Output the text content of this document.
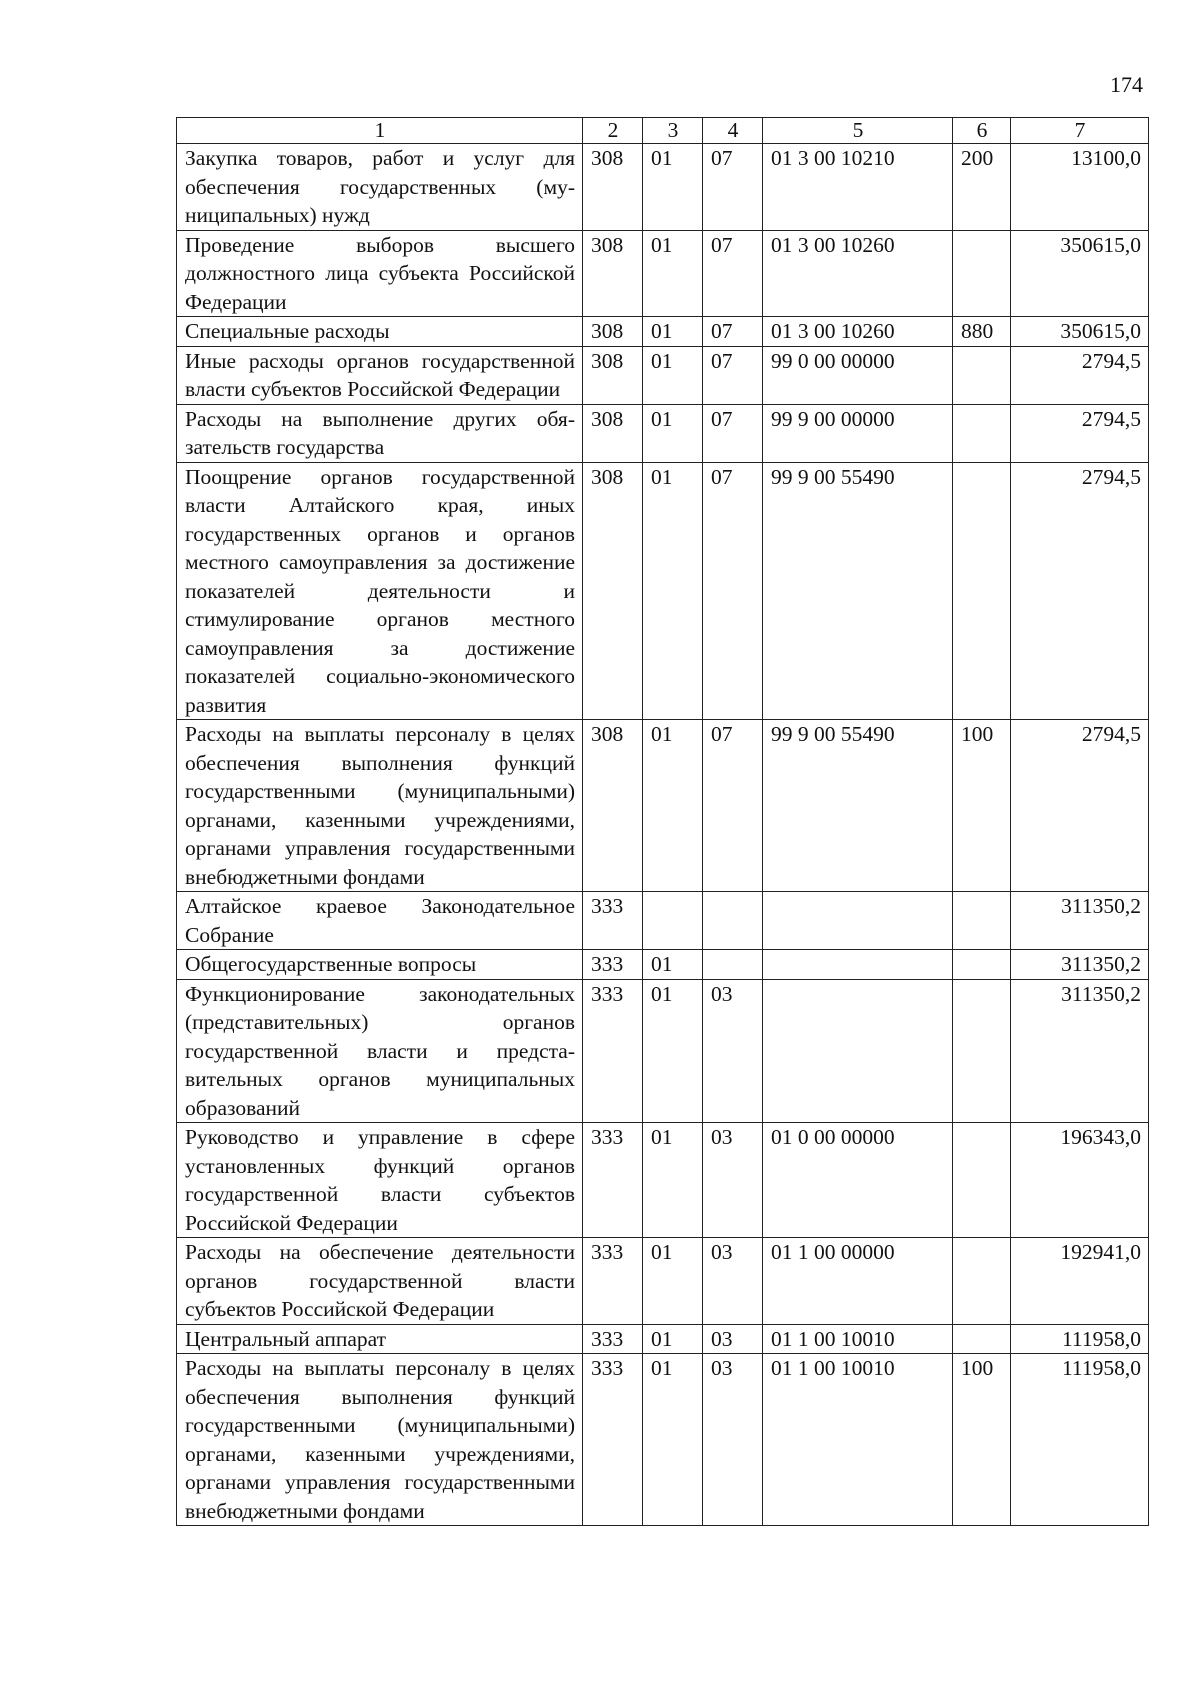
174
1	2	3	4	5	6	7
Закупка товаров, работ и услуг для обеспечения государственных (муниципальных) нужд	308	01	07	01 3 00 10210	200	13100,0
Проведение выборов высшего должностного лица субъекта Российской Федерации	308	01	07	01 3 00 10260		350615,0
Специальные расходы	308	01	07	01 3 00 10260	880	350615,0
Иные расходы органов государственной власти субъектов Российской Федерации	308	01	07	99 0 00 00000		2794,5
Расходы на выполнение других обязательств государства	308	01	07	99 9 00 00000		2794,5
Поощрение органов государственной власти Алтайского края, иных государственных органов и органов местного самоуправления за достижение показателей деятельности и стимулирование органов местного самоуправления за достижение показателей социально-экономического развития	308	01	07	99 9 00 55490		2794,5
Расходы на выплаты персоналу в целях обеспечения выполнения функций государственными (муниципальными) органами, казенными учреждениями, органами управления государственными внебюджетными фондами	308	01	07	99 9 00 55490	100	2794,5
Алтайское краевое Законодательное Собрание	333					311350,2
Общегосударственные вопросы	333	01				311350,2
Функционирование законодательных (представительных) органов государственной власти и представительных органов муниципальных образований	333	01	03			311350,2
Руководство и управление в сфере установленных функций органов государственной власти субъектов Российской Федерации	333	01	03	01 0 00 00000		196343,0
Расходы на обеспечение деятельности органов государственной власти субъектов Российской Федерации	333	01	03	01 1 00 00000		192941,0
Центральный аппарат	333	01	03	01 1 00 10010		111958,0
Расходы на выплаты персоналу в целях обеспечения выполнения функций государственными (муниципальными) органами, казенными учреждениями, органами управления государственными внебюджетными фондами	333	01	03	01 1 00 10010	100	111958,0
